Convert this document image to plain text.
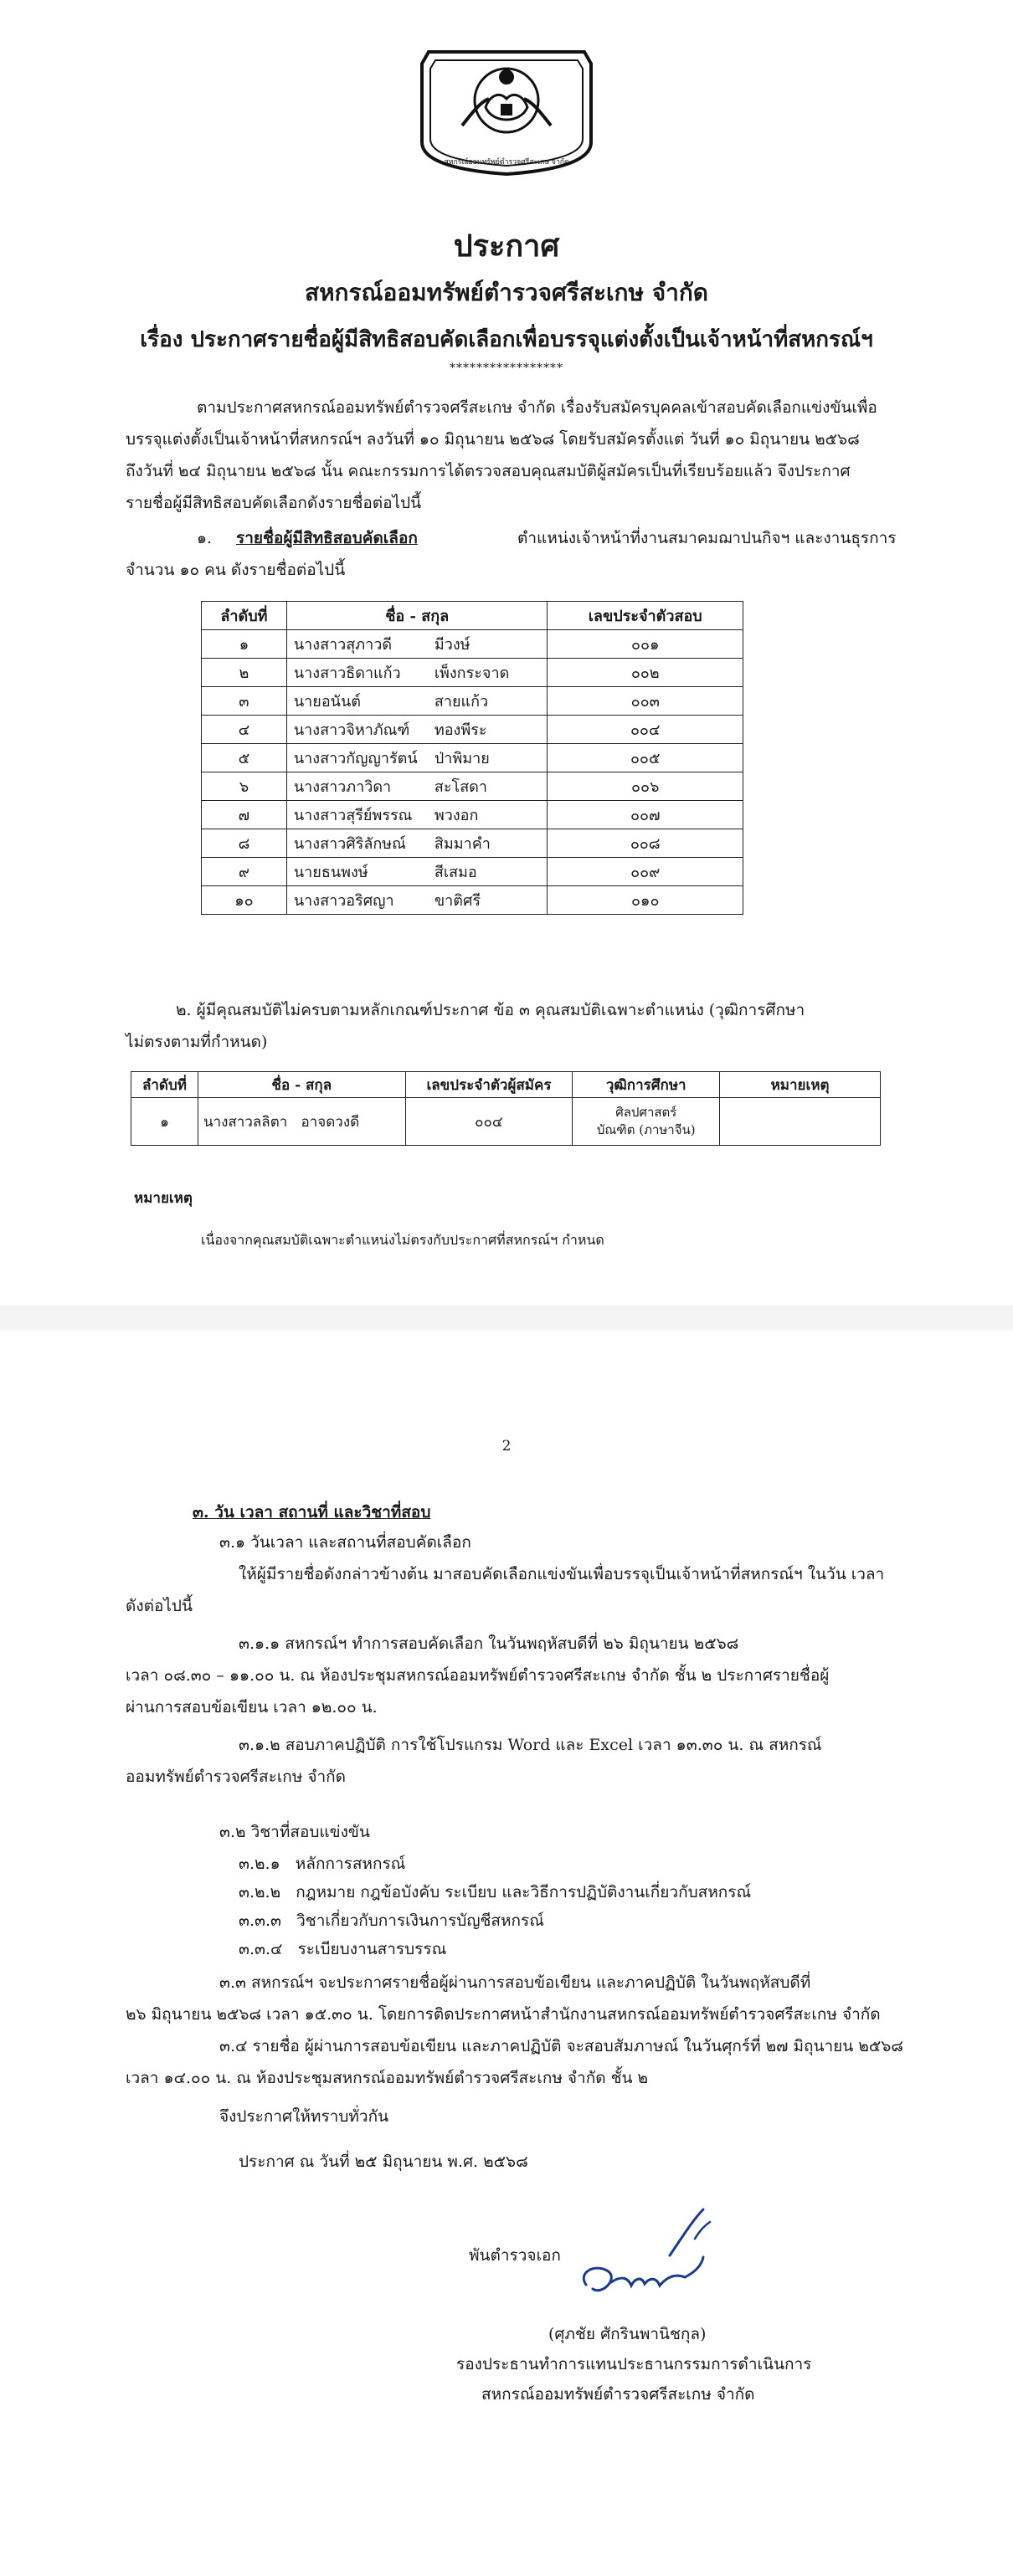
สหกรณ์ออมทรัพย์ตำรวจศรีสะเกษ จำกัด
ประกาศ
สหกรณ์ออมทรัพย์ตำรวจศรีสะเกษ จำกัด
เรื่อง ประกาศรายชื่อผู้มีสิทธิสอบคัดเลือกเพื่อบรรจุแต่งตั้งเป็นเจ้าหน้าที่สหกรณ์ฯ
*****************
ตามประกาศสหกรณ์ออมทรัพย์ตำรวจศรีสะเกษ จำกัด เรื่องรับสมัครบุคคลเข้าสอบคัดเลือกแข่งขันเพื่อ
บรรจุแต่งตั้งเป็นเจ้าหน้าที่สหกรณ์ฯ ลงวันที่ ๑๐ มิถุนายน ๒๕๖๘ โดยรับสมัครตั้งแต่ วันที่ ๑๐ มิถุนายน ๒๕๖๘
ถึงวันที่ ๒๔ มิถุนายน ๒๕๖๘ นั้น คณะกรรมการได้ตรวจสอบคุณสมบัติผู้สมัครเป็นที่เรียบร้อยแล้ว จึงประกาศ
รายชื่อผู้มีสิทธิสอบคัดเลือกดังรายชื่อต่อไปนี้
๑. รายชื่อผู้มีสิทธิสอบคัดเลือก	ตำแหน่งเจ้าหน้าที่งานสมาคมฌาปนกิจฯ และงานธุรการ
จำนวน ๑๐ คน ดังรายชื่อต่อไปนี้
ลำดับที่	ชื่อ - สกุล	เลขประจำตัวสอบ
๑	นางสาวสุภาวดี มีวงษ์	๐๐๑
๒	นางสาวธิดาแก้ว เพ็งกระจาด	๐๐๒
๓	นายอนันต์ สายแก้ว	๐๐๓
๔	นางสาวจิหาภัณฑ์ ทองพีระ	๐๐๔
๕	นางสาวกัญญารัตน์ ป่าพิมาย	๐๐๕
๖	นางสาวภาวิดา สะโสดา	๐๐๖
๗	นางสาวสุรีย์พรรณ พวงอก	๐๐๗
๘	นางสาวศิริลักษณ์ สิมมาคำ	๐๐๘
๙	นายธนพงษ์ สีเสมอ	๐๐๙
๑๐	นางสาวอริศญา ขาติศรี	๐๑๐
๒. ผู้มีคุณสมบัติไม่ครบตามหลักเกณฑ์ประกาศ ข้อ ๓ คุณสมบัติเฉพาะตำแหน่ง (วุฒิการศึกษา
ไม่ตรงตามที่กำหนด)
ลำดับที่	ชื่อ - สกุล	เลขประจำตัวผู้สมัคร	วุฒิการศึกษา	หมายเหตุ
๑	นางสาวลลิตา อาจดวงดี	๐๐๔	ศิลปศาสตร์
บัณฑิต (ภาษาจีน)	

หมายเหตุ
เนื่องจากคุณสมบัติเฉพาะตำแหน่งไม่ตรงกับประกาศที่สหกรณ์ฯ กำหนด
2
๓. วัน เวลา สถานที่ และวิชาที่สอบ
๓.๑ วันเวลา และสถานที่สอบคัดเลือก
ให้ผู้มีรายชื่อดังกล่าวข้างต้น มาสอบคัดเลือกแข่งขันเพื่อบรรจุเป็นเจ้าหน้าที่สหกรณ์ฯ ในวัน เวลา
ดังต่อไปนี้
๓.๑.๑ สหกรณ์ฯ ทำการสอบคัดเลือก ในวันพฤหัสบดีที่ ๒๖ มิถุนายน ๒๕๖๘
เวลา ๐๘.๓๐ – ๑๑.๐๐ น. ณ ห้องประชุมสหกรณ์ออมทรัพย์ตำรวจศรีสะเกษ จำกัด ชั้น ๒ ประกาศรายชื่อผู้
ผ่านการสอบข้อเขียน เวลา ๑๒.๐๐ น.
๓.๑.๒ สอบภาคปฏิบัติ การใช้โปรแกรม Word และ Excel เวลา ๑๓.๓๐ น. ณ สหกรณ์
ออมทรัพย์ตำรวจศรีสะเกษ จำกัด
๓.๒ วิชาที่สอบแข่งขัน
๓.๒.๑ หลักการสหกรณ์
๓.๒.๒ กฎหมาย กฎข้อบังคับ ระเบียบ และวิธีการปฏิบัติงานเกี่ยวกับสหกรณ์
๓.๓.๓ วิชาเกี่ยวกับการเงินการบัญชีสหกรณ์
๓.๓.๔ ระเบียบงานสารบรรณ
๓.๓ สหกรณ์ฯ จะประกาศรายชื่อผู้ผ่านการสอบข้อเขียน และภาคปฏิบัติ ในวันพฤหัสบดีที่
๒๖ มิถุนายน ๒๕๖๘ เวลา ๑๕.๓๐ น. โดยการติดประกาศหน้าสำนักงานสหกรณ์ออมทรัพย์ตำรวจศรีสะเกษ จำกัด
๓.๔ รายชื่อ ผู้ผ่านการสอบข้อเขียน และภาคปฏิบัติ จะสอบสัมภาษณ์ ในวันศุกร์ที่ ๒๗ มิถุนายน ๒๕๖๘
เวลา ๑๔.๐๐ น. ณ ห้องประชุมสหกรณ์ออมทรัพย์ตำรวจศรีสะเกษ จำกัด ชั้น ๒
จึงประกาศให้ทราบทั่วกัน
ประกาศ ณ วันที่ ๒๕ มิถุนายน พ.ศ. ๒๕๖๘
พันตำรวจเอก
(ศุภชัย ศักรินพานิชกุล)
รองประธานทำการแทนประธานกรรมการดำเนินการ
สหกรณ์ออมทรัพย์ตำรวจศรีสะเกษ จำกัด
